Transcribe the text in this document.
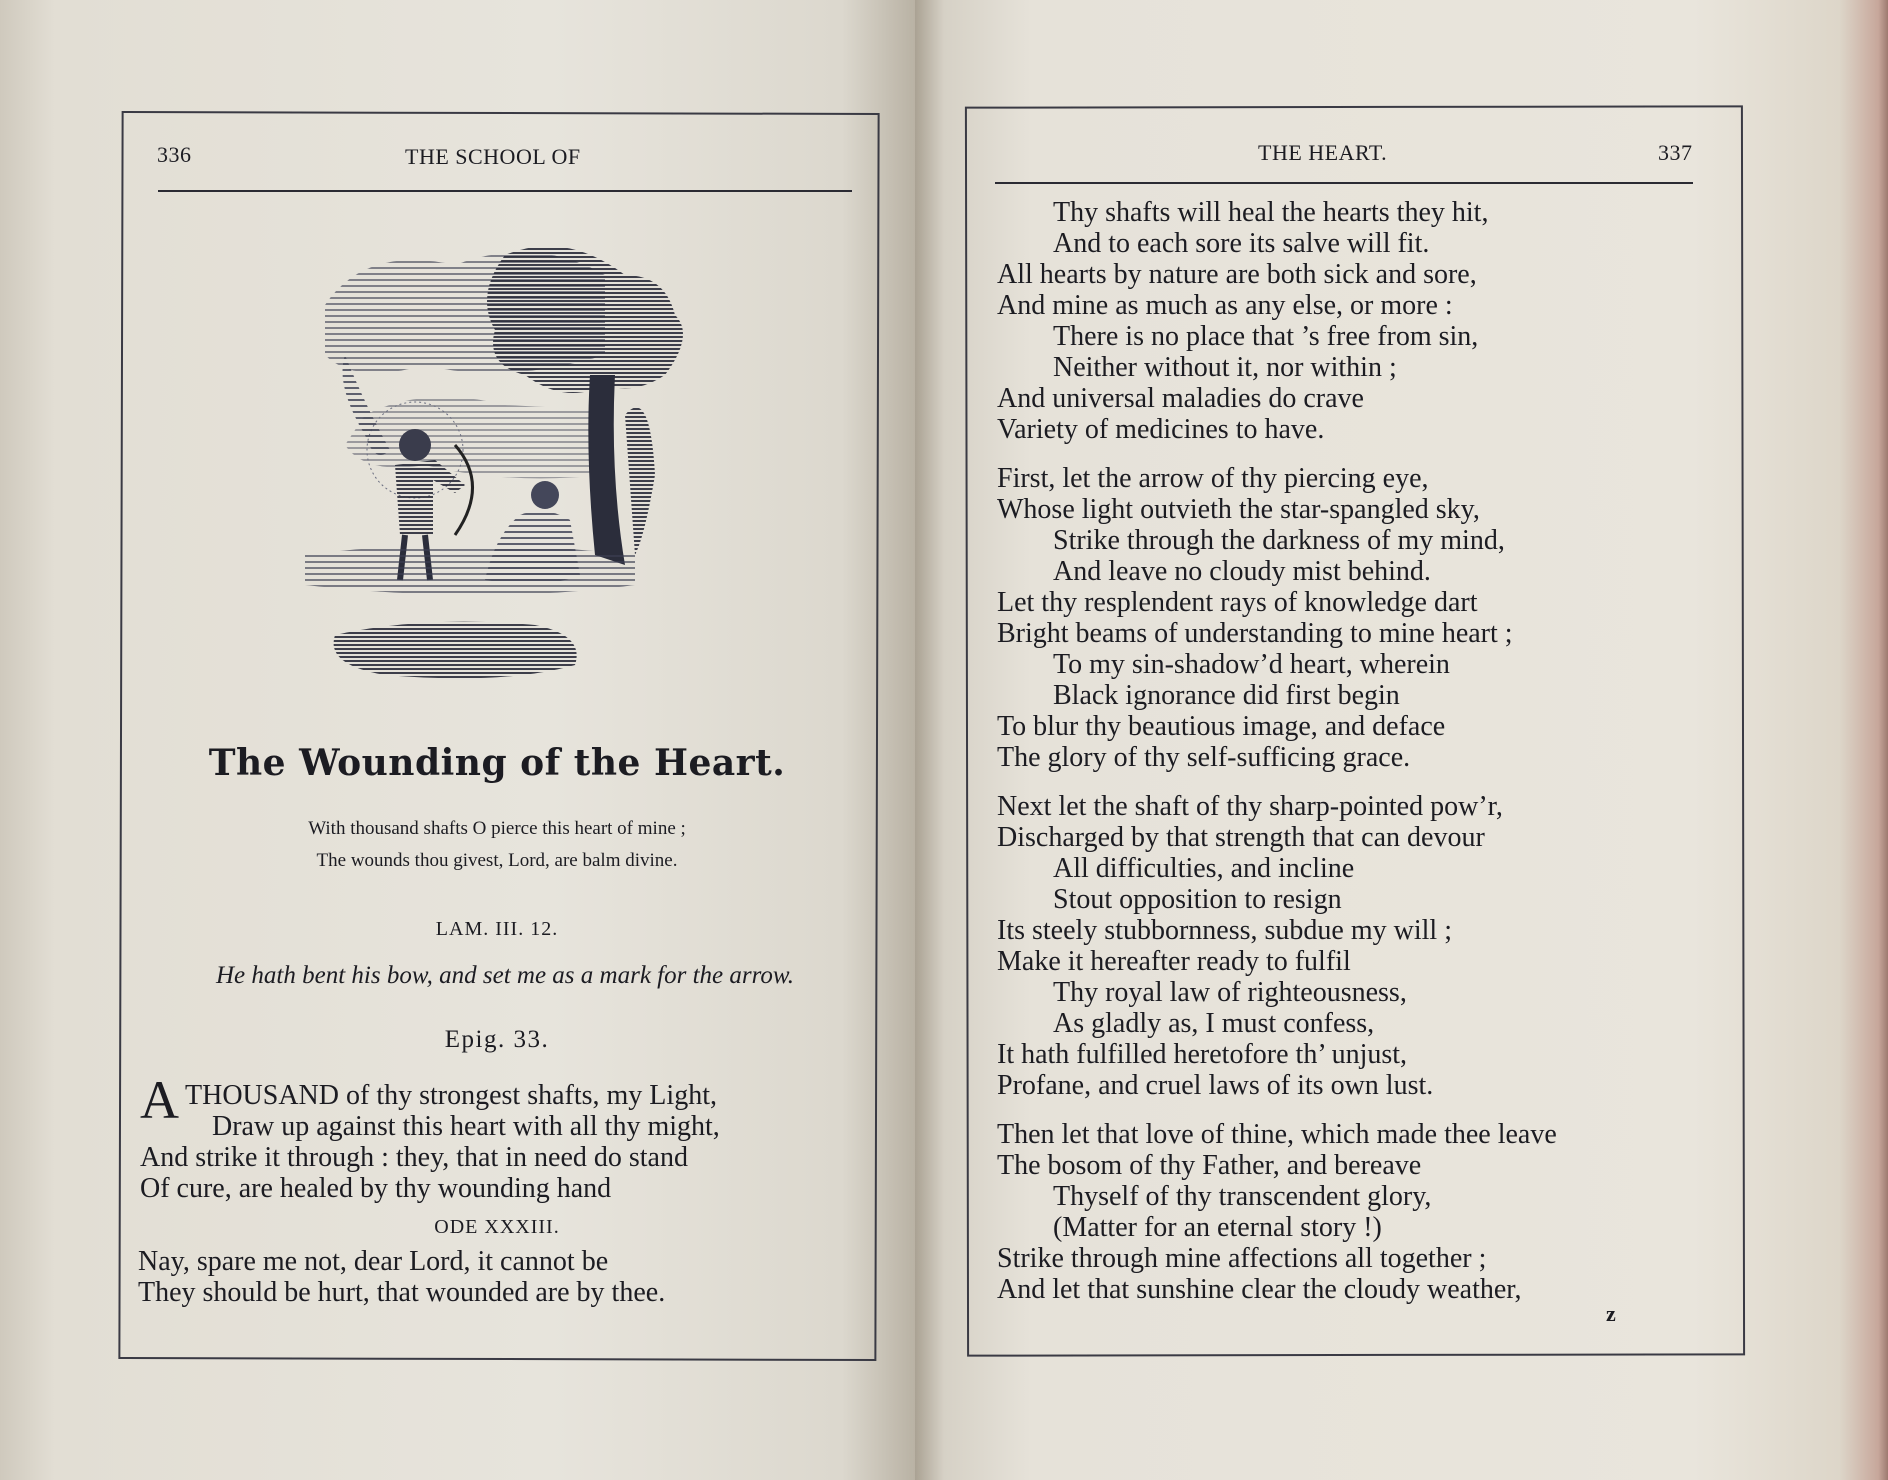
336	THE SCHOOL OF
The Wounding of the Heart.
With thousand shafts O pierce this heart of mine ;
The wounds thou givest, Lord, are balm divine.
LAM. III. 12.
He hath bent his bow, and set me as a mark for the arrow.
Epig. 33.
A THOUSAND of thy strongest shafts, my Light,
Draw up against this heart with all thy might,
And strike it through : they, that in need do stand
Of cure, are healed by thy wounding hand
ODE XXXIII.
Nay, spare me not, dear Lord, it cannot be
They should be hurt, that wounded are by thee.
THE HEART.	337
Thy shafts will heal the hearts they hit,
And to each sore its salve will fit.
All hearts by nature are both sick and sore,
And mine as much as any else, or more :
There is no place that ’s free from sin,
Neither without it, nor within ;
And universal maladies do crave
Variety of medicines to have.
First, let the arrow of thy piercing eye,
Whose light outvieth the star-spangled sky,
Strike through the darkness of my mind,
And leave no cloudy mist behind.
Let thy resplendent rays of knowledge dart
Bright beams of understanding to mine heart ;
To my sin-shadow’d heart, wherein
Black ignorance did first begin
To blur thy beautious image, and deface
The glory of thy self-sufficing grace.
Next let the shaft of thy sharp-pointed pow’r,
Discharged by that strength that can devour
All difficulties, and incline
Stout opposition to resign
Its steely stubbornness, subdue my will ;
Make it hereafter ready to fulfil
Thy royal law of righteousness,
As gladly as, I must confess,
It hath fulfilled heretofore th’ unjust,
Profane, and cruel laws of its own lust.
Then let that love of thine, which made thee leave
The bosom of thy Father, and bereave
Thyself of thy transcendent glory,
(Matter for an eternal story !)
Strike through mine affections all together ;
And let that sunshine clear the cloudy weather,
z
